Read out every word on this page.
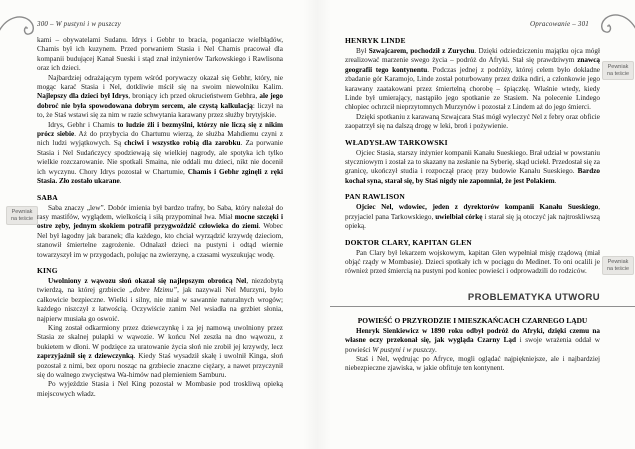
300 – W pustyni i w puszczy	Opracowanie – 301
Pewniak
na teście
Pewniak
na teście
Pewniak
na teście
kami – obywatelami Sudanu. Idrys i Gebhr to bracia, poganiacze wielbłądów, Chamis był ich kuzynem. Przed porwaniem Stasia i Nel Chamis pracował dla kompanii budującej Kanał Sueski i stąd znał inżynierów Tarkowskiego i Rawlisona oraz ich dzieci.
Najbardziej odrażającym typem wśród porywaczy okazał się Gebhr, który, nie mogąc karać Stasia i Nel, dotkliwie mścił się na swoim niewolniku Kalim. Najlepszy dla dzieci był Idrys, broniący ich przed okrucieństwem Gebhra, ale jego dobroć nie była spowodowana dobrym sercem, ale czystą kalkulacją: liczył na to, że Staś wstawi się za nim w razie schwytania karawany przez służby brytyjskie.
Idrys, Gebhr i Chamis to ludzie źli i bezmyślni, którzy nie liczą się z nikim prócz siebie. Aż do przybycia do Chartumu wierzą, że służba Mahdiemu czyni z nich ludzi wyjątkowych. Są chciwi i wszystko robią dla zarobku. Za porwanie Stasia i Nel Sudańczycy spodziewają się wielkiej nagrody, ale spotyka ich tylko wielkie rozczarowanie. Nie spotkali Smaina, nie oddali mu dzieci, nikt nie docenił ich wyczynu. Chory Idrys pozostał w Chartumie, Chamis i Gebhr zginęli z ręki Stasia. Zło zostało ukarane.
SABA
Saba znaczy „lew”. Dobór imienia był bardzo trafny, bo Saba, który należał do rasy mastifów, wyglądem, wielkością i siłą przypominał lwa. Miał mocne szczęki i ostre zęby, jednym skokiem potrafił przygwoździć człowieka do ziemi. Wobec Nel był łagodny jak baranek; dla każdego, kto chciał wyrządzić krzywdę dzieciom, stanowił śmiertelne zagrożenie. Odnalazł dzieci na pustyni i odtąd wiernie towarzyszył im w przygodach, polując na zwierzynę, a czasami wyszukując wodę.
KING
Uwolniony z wąwozu słoń okazał się najlepszym obrońcą Nel, niezdobytą twierdzą, na której grzbiecie „dobre Mzimu”, jak nazywali Nel Murzyni, było całkowicie bezpieczne. Wielki i silny, nie miał w sawannie naturalnych wrogów; każdego niszczył z łatwością. Oczywiście zanim Nel wsiadła na grzbiet słonia, najpierw musiała go oswoić.
King został odkarmiony przez dziewczynkę i za jej namową uwolniony przez Stasia ze skalnej pułapki w wąwozie. W końcu Nel zeszła na dno wąwozu, z bukietem w dłoni. W podzięce za uratowanie życia słoń nie zrobił jej krzywdy, lecz zaprzyjaźnił się z dziewczynką. Kiedy Staś wysadził skałę i uwolnił Kinga, słoń pozostał z nimi, bez oporu nosząc na grzbiecie znaczne ciężary, a nawet przyczynił się do walnego zwycięstwa Wa-himów nad plemieniem Samburu.
Po wyjeździe Stasia i Nel King pozostał w Mombasie pod troskliwą opieką miejscowych władz.
HENRYK LINDE
Był Szwajcarem, pochodził z Zurychu. Dzięki odziedziczeniu majątku ojca mógł zrealizować marzenie swego życia – podróż do Afryki. Stał się prawdziwym znawcą geografii tego kontynentu. Podczas jednej z podróży, której celem było dokładne zbadanie gór Karamojo, Linde został poturbowany przez dzika ndiri, a członkowie jego karawany zaatakowani przez śmiertelną chorobę – śpiączkę. Właśnie wtedy, kiedy Linde był umierający, nastąpiło jego spotkanie ze Stasiem. Na polecenie Lindego chłopiec ochrzcił nieprzytomnych Murzynów i pozostał z Lindem aż do jego śmierci.
Dzięki spotkaniu z karawaną Szwajcara Staś mógł wyleczyć Nel z febry oraz obficie zaopatrzył się na dalszą drogę w leki, broń i pożywienie.
WŁADYSŁAW TARKOWSKI
Ojciec Stasia, starszy inżynier kompanii Kanału Sueskiego. Brał udział w powstaniu styczniowym i został za to skazany na zesłanie na Syberię, skąd uciekł. Przedostał się za granicę, ukończył studia i rozpoczął pracę przy budowie Kanału Sueskiego. Bardzo kochał syna, starał się, by Staś nigdy nie zapomniał, że jest Polakiem.
PAN RAWLISON
Ojciec Nel, wdowiec, jeden z dyrektorów kompanii Kanału Sueskiego, przyjaciel pana Tarkowskiego, uwielbiał córkę i starał się ją otoczyć jak najtroskliwszą opieką.
DOKTOR CLARY, KAPITAN GLEN
Pan Clary był lekarzem wojskowym, kapitan Glen wypełniał misję rządową (miał objąć rządy w Mombasie). Dzieci spotkały ich w pociągu do Medinet. To oni ocalili je również przed śmiercią na pustyni pod koniec powieści i odprowadzili do rodziców.
PROBLEMATYKA UTWORU
POWIEŚĆ O PRZYRODZIE I MIESZKAŃCACH CZARNEGO LĄDU
Henryk Sienkiewicz w 1890 roku odbył podróż do Afryki, dzięki czemu na własne oczy przekonał się, jak wygląda Czarny Ląd i swoje wrażenia oddał w powieści W pustyni i w puszczy.
Staś i Nel, wędrując po Afryce, mogli oglądać najpiękniejsze, ale i najbardziej niebezpieczne zjawiska, w jakie obfituje ten kontynent.
